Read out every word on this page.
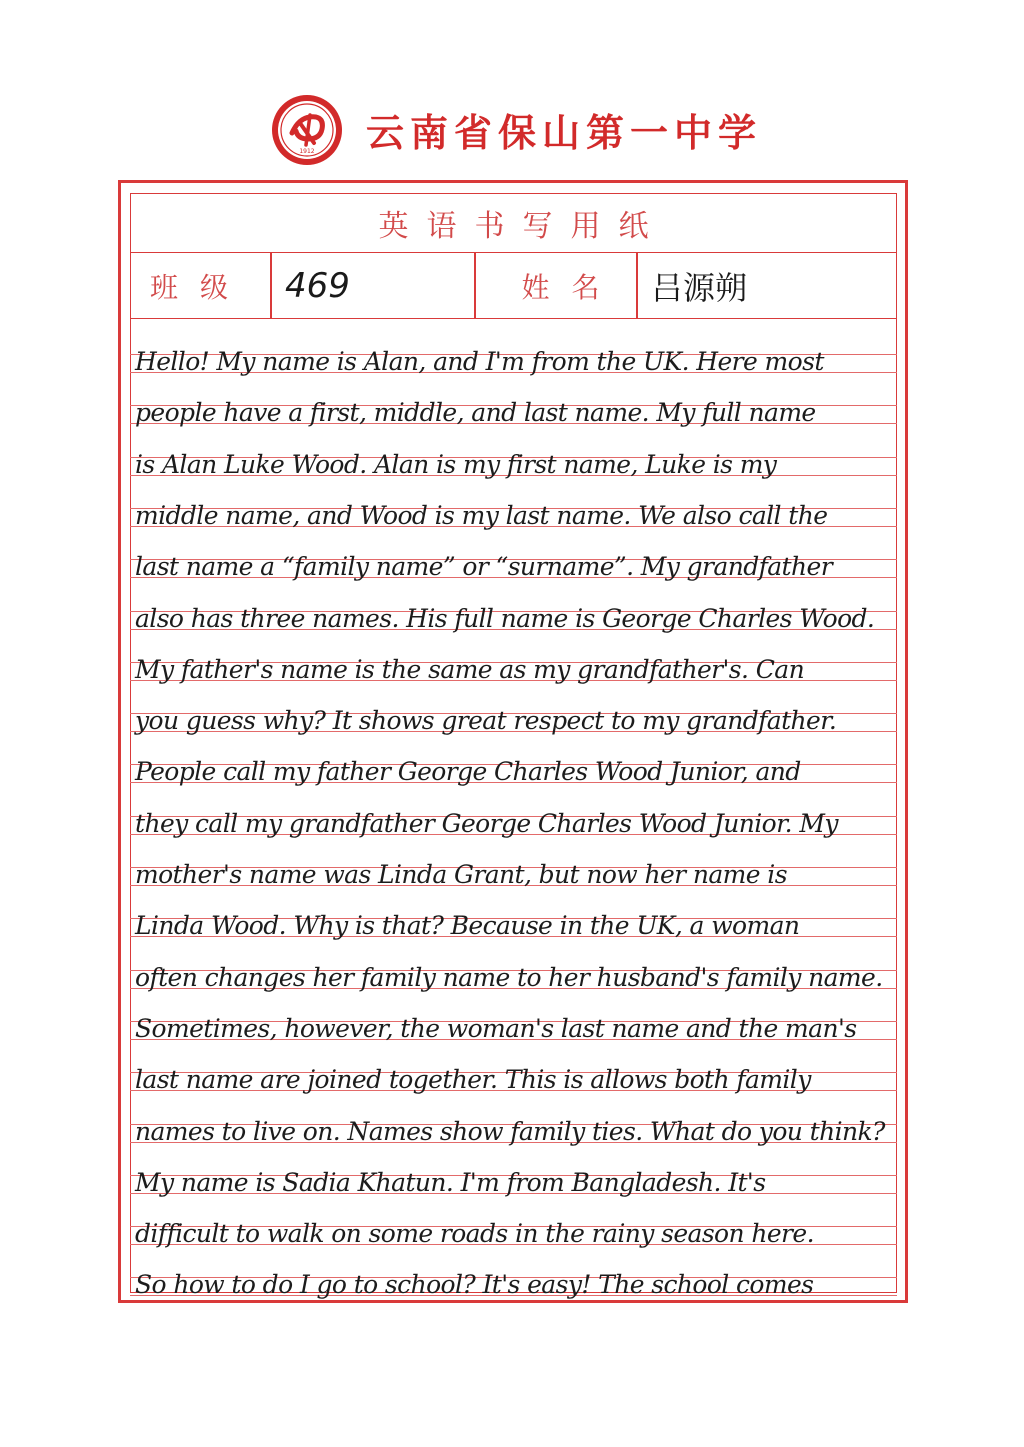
1912 云南省保山第一中学
英语书写用纸
班级	469	姓名 吕源朔
Hello! My name is Alan, and I'm from the UK. Here most
people have a first, middle, and last name. My full name
is Alan Luke Wood. Alan is my first name, Luke is my
middle name, and Wood is my last name. We also call the
last name a “family name” or “surname”. My grandfather
also has three names. His full name is George Charles Wood.
My father's name is the same as my grandfather's. Can
you guess why? It shows great respect to my grandfather.
People call my father George Charles Wood Junior, and
they call my grandfather George Charles Wood Junior. My
mother's name was Linda Grant, but now her name is
Linda Wood. Why is that? Because in the UK, a woman
often changes her family name to her husband's family name.
Sometimes, however, the woman's last name and the man's
last name are joined together. This is allows both family
names to live on. Names show family ties. What do you think?
My name is Sadia Khatun. I'm from Bangladesh. It's
difficult to walk on some roads in the rainy season here.
So how to do I go to school? It's easy! The school comes
